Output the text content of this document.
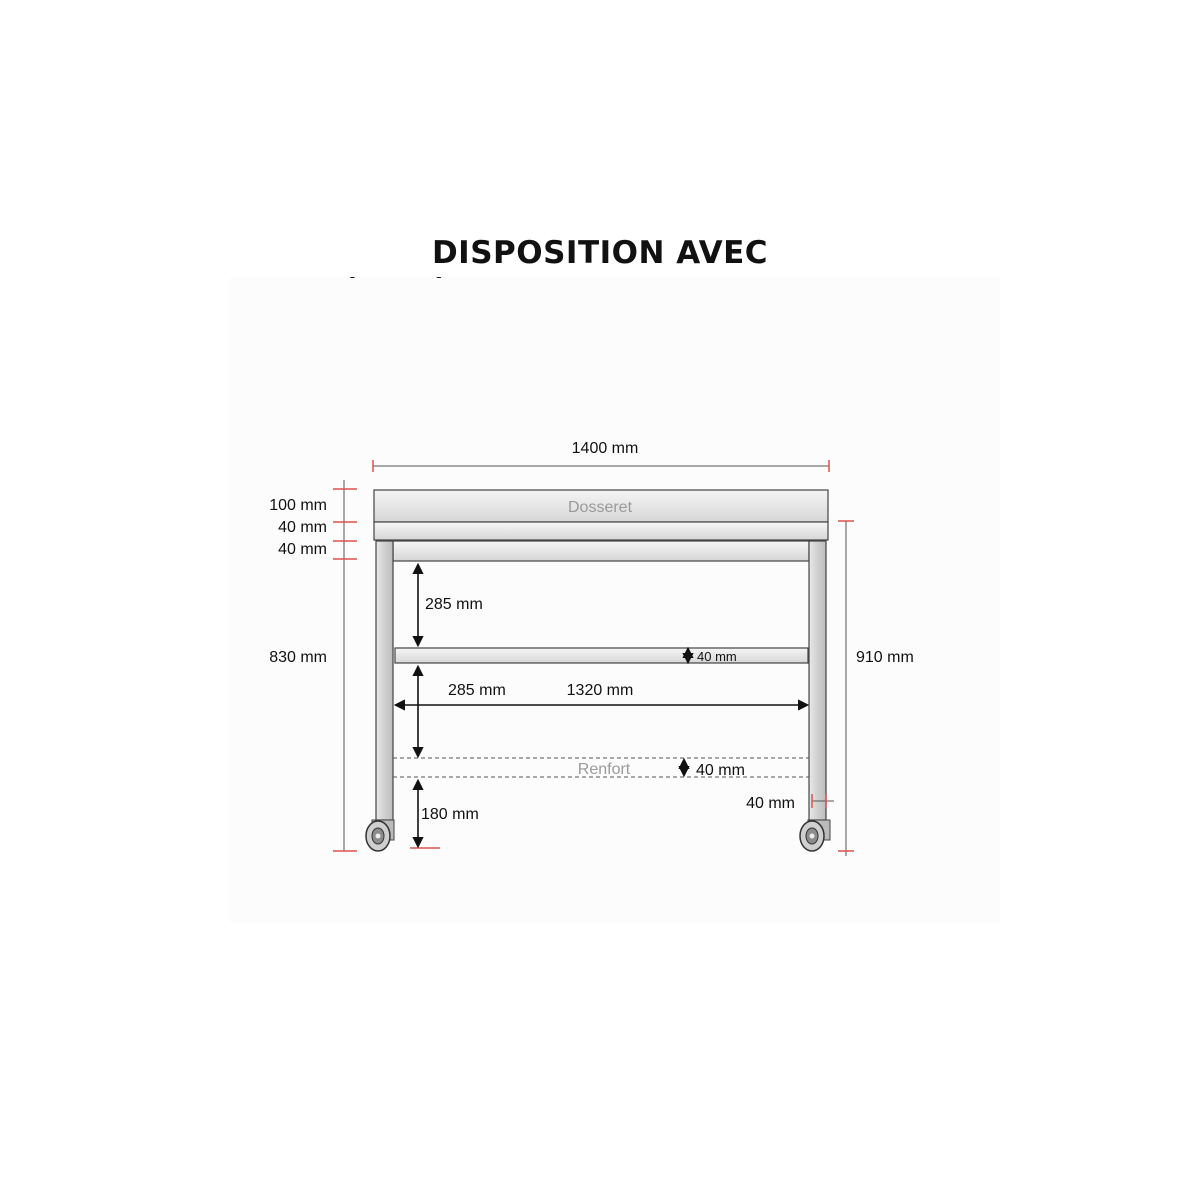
DISPOSITION AVEC
Dosseret
Renfort
1400 mm
100 mm
40 mm
40 mm
830 mm	910 mm
285 mm
285 mm	1320 mm
40 mm
40 mm
40 mm
180 mm
